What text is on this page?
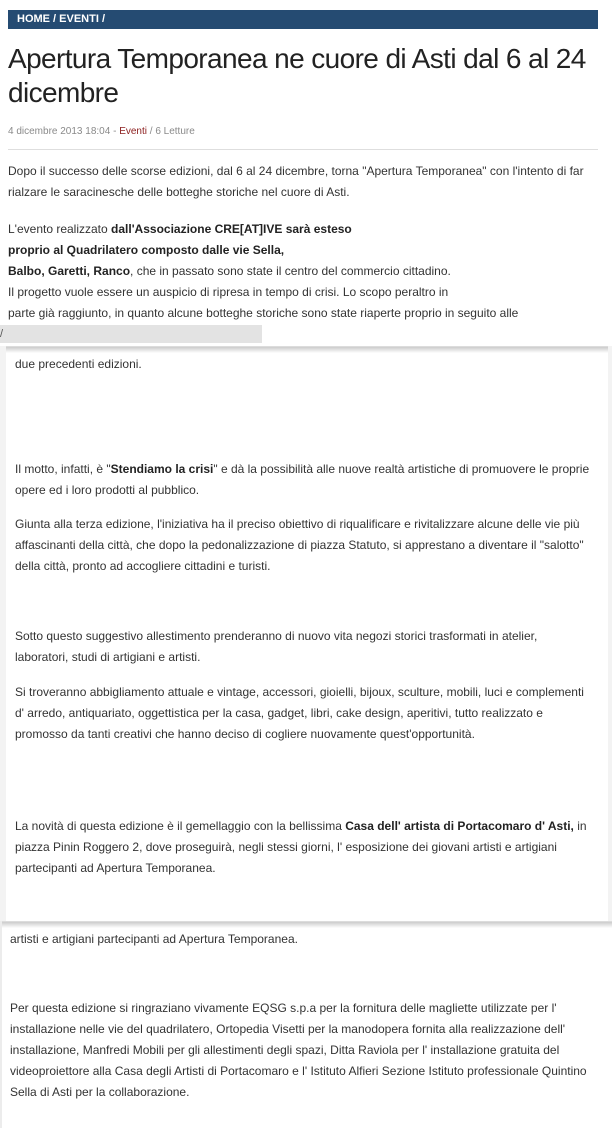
HOME / EVENTI /
Apertura Temporanea ne cuore di Asti dal 6 al 24 dicembre
4 dicembre 2013 18:04 - Eventi / 6 Letture

Dopo il successo delle scorse edizioni, dal 6 al 24 dicembre, torna "Apertura Temporanea" con l'intento di far rialzare le saracinesche delle botteghe storiche nel cuore di Asti.

L'evento realizzato dall'Associazione CRE[AT]IVE sarà esteso
proprio al Quadrilatero composto dalle vie Sella,
Balbo, Garetti, Ranco, che in passato sono state il centro del commercio cittadino.
Il progetto vuole essere un auspicio di ripresa in tempo di crisi. Lo scopo peraltro in
parte già raggiunto, in quanto alcune botteghe storiche sono state riaperte proprio in seguito alle
/

due precedenti edizioni.

Il motto, infatti, è "Stendiamo la crisi" e dà la possibilità alle nuove realtà artistiche di promuovere le proprie opere ed i loro prodotti al pubblico.

Giunta alla terza edizione, l'iniziativa ha il preciso obiettivo di riqualificare e rivitalizzare alcune delle vie più affascinanti della città, che dopo la pedonalizzazione di piazza Statuto, si apprestano a diventare il "salotto" della città, pronto ad accogliere cittadini e turisti.

Sotto questo suggestivo allestimento prenderanno di nuovo vita negozi storici trasformati in atelier, laboratori, studi di artigiani e artisti.

Si troveranno abbigliamento attuale e vintage, accessori, gioielli, bijoux, sculture, mobili, luci e complementi d' arredo, antiquariato, oggettistica per la casa, gadget, libri, cake design, aperitivi, tutto realizzato e promosso da tanti creativi che hanno deciso di cogliere nuovamente quest'opportunità.

La novità di questa edizione è il gemellaggio con la bellissima Casa dell' artista di Portacomaro d' Asti, in piazza Pinin Roggero 2, dove proseguirà, negli stessi giorni, l' esposizione dei giovani artisti e artigiani partecipanti ad Apertura Temporanea.

artisti e artigiani partecipanti ad Apertura Temporanea.

Per questa edizione si ringraziano vivamente EQSG s.p.a per la fornitura delle magliette utilizzate per l' installazione nelle vie del quadrilatero, Ortopedia Visetti per la manodopera fornita alla realizzazione dell' installazione, Manfredi Mobili per gli allestimenti degli spazi, Ditta Raviola per l' installazione gratuita del videoproiettore alla Casa degli Artisti di Portacomaro e l' Istituto Alfieri Sezione Istituto professionale Quintino Sella di Asti per la collaborazione.
